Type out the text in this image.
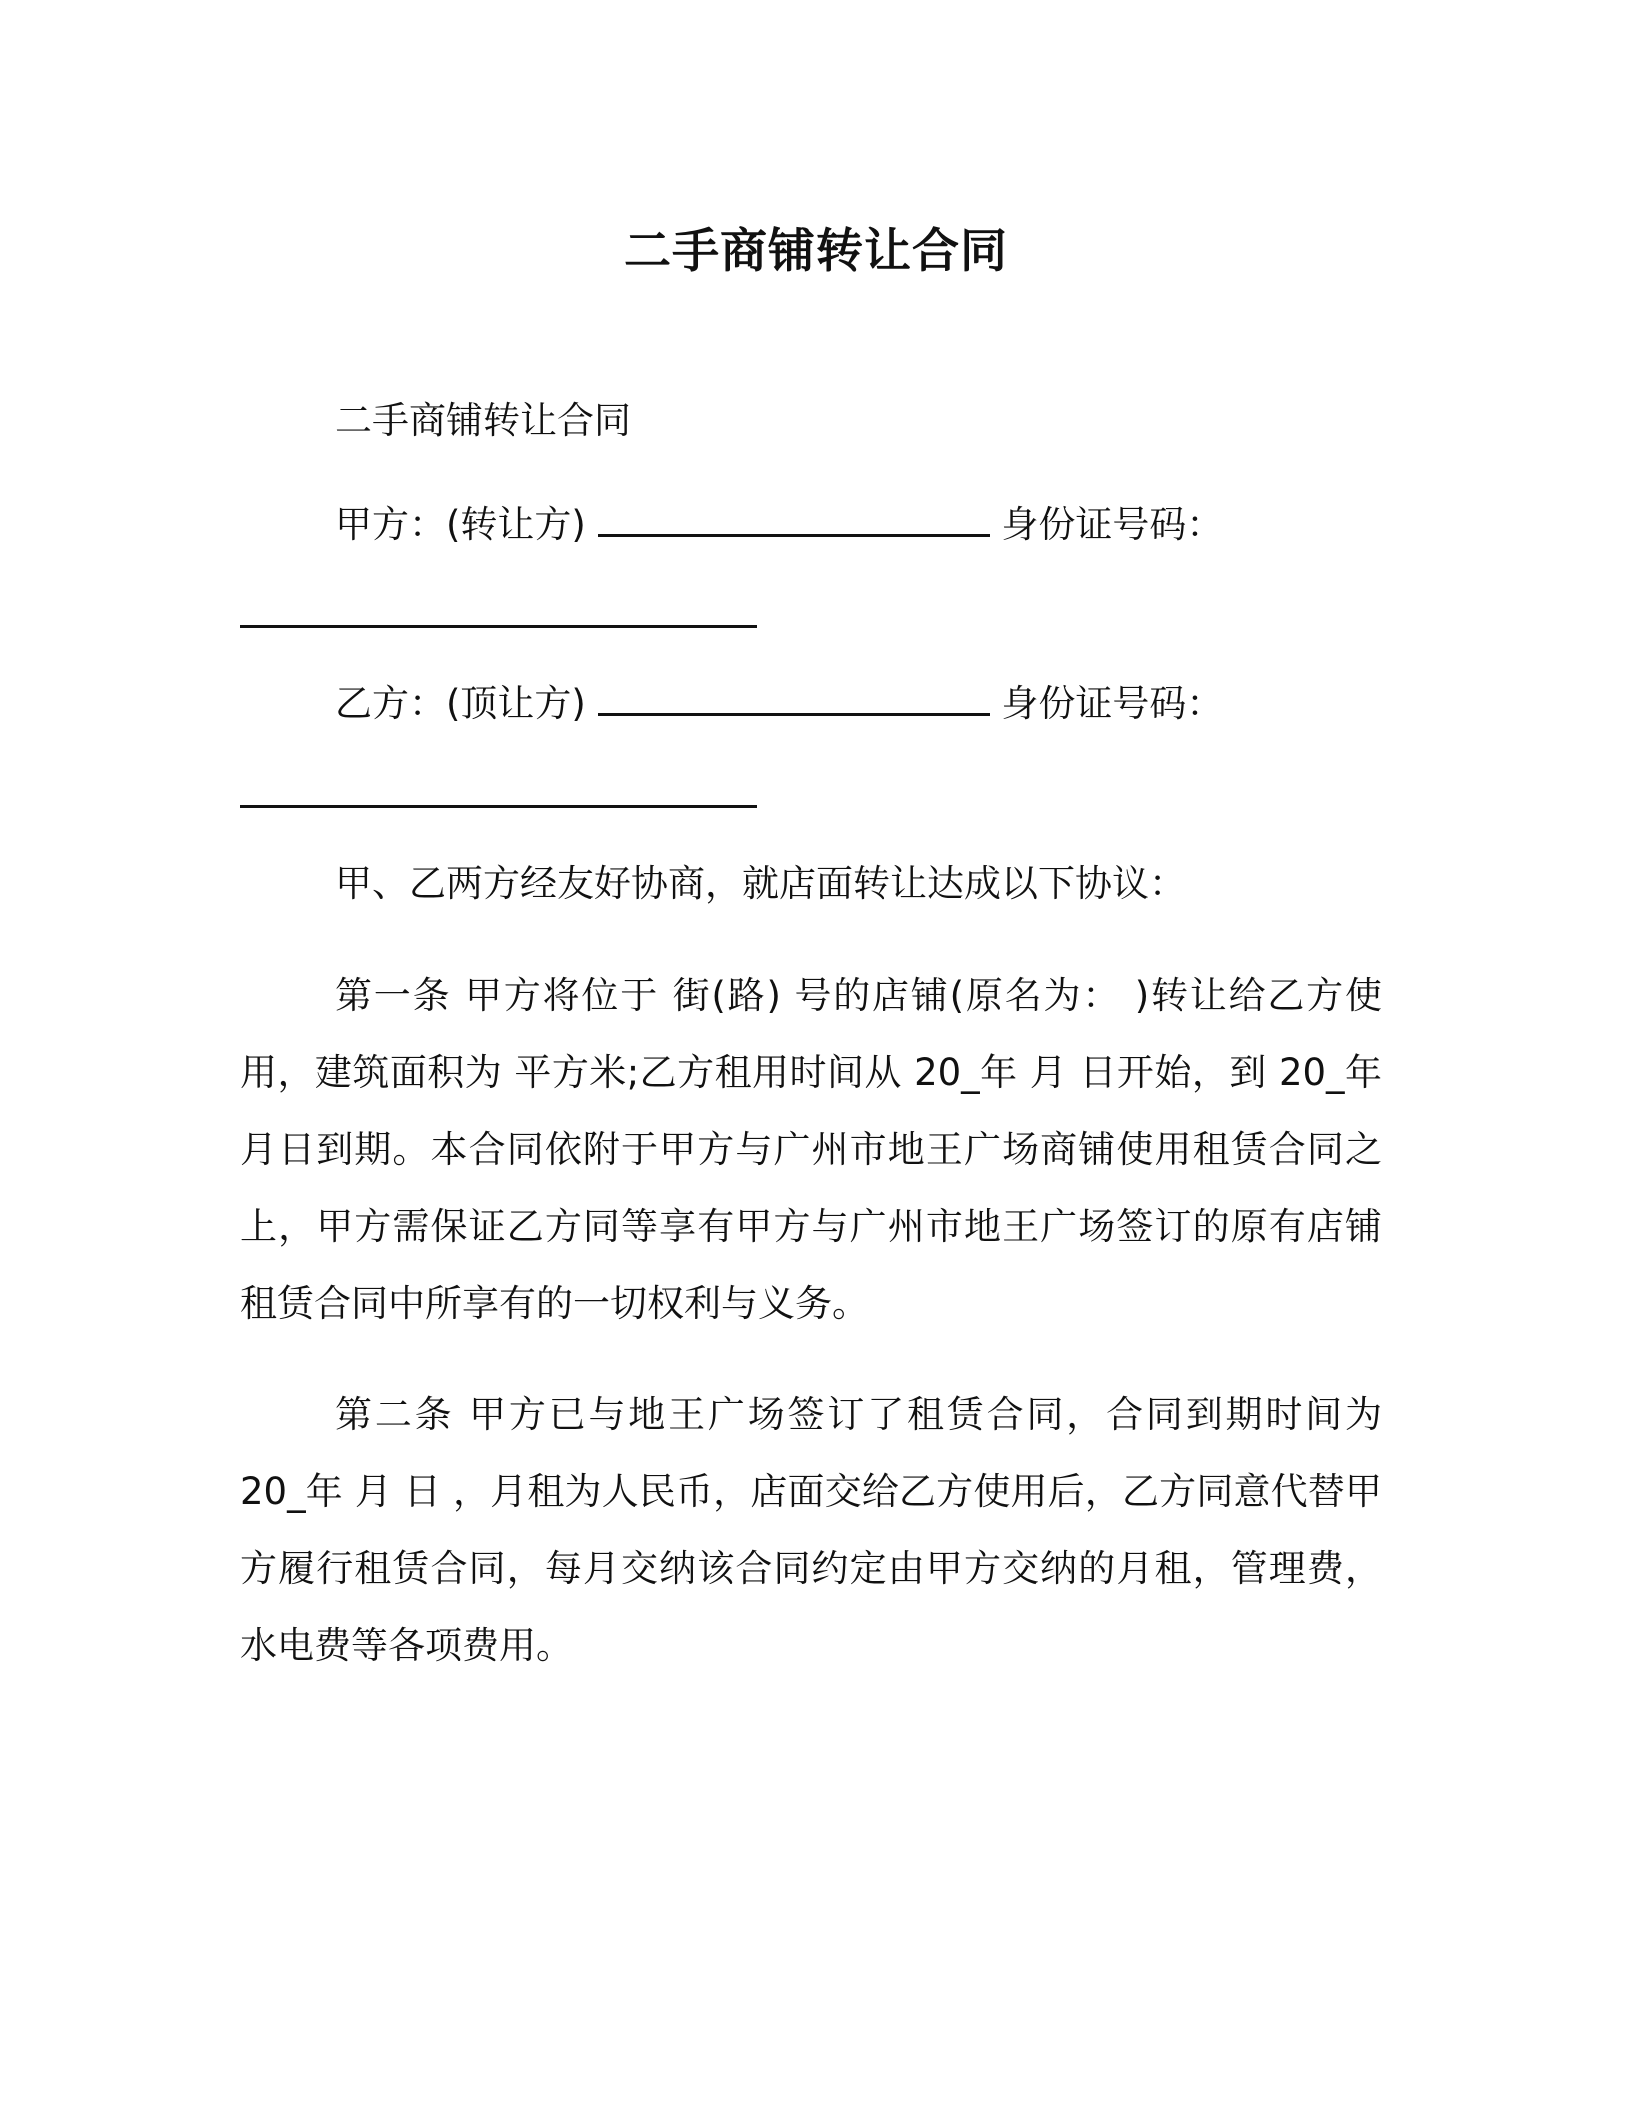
二手商铺转让合同
二手商铺转让合同
甲方：(转让方)	身份证号码：
乙方：(顶让方)	身份证号码：
甲、乙两方经友好协商，就店面转让达成以下协议：
第一条 甲方将位于 街(路) 号的店铺(原名为： )转让给乙方使用，建筑面积为 平方米;乙方租用时间从 20_年 月 日开始，到 20_年 月日到期。本合同依附于甲方与广州市地王广场商铺使用租赁合同之上，甲方需保证乙方同等享有甲方与广州市地王广场签订的原有店铺租赁合同中所享有的一切权利与义务。
第二条 甲方已与地王广场签订了租赁合同，合同到期时间为 20_年 月 日 ，月租为人民币，店面交给乙方使用后，乙方同意代替甲方履行租赁合同，每月交纳该合同约定由甲方交纳的月租，管理费，水电费等各项费用。
